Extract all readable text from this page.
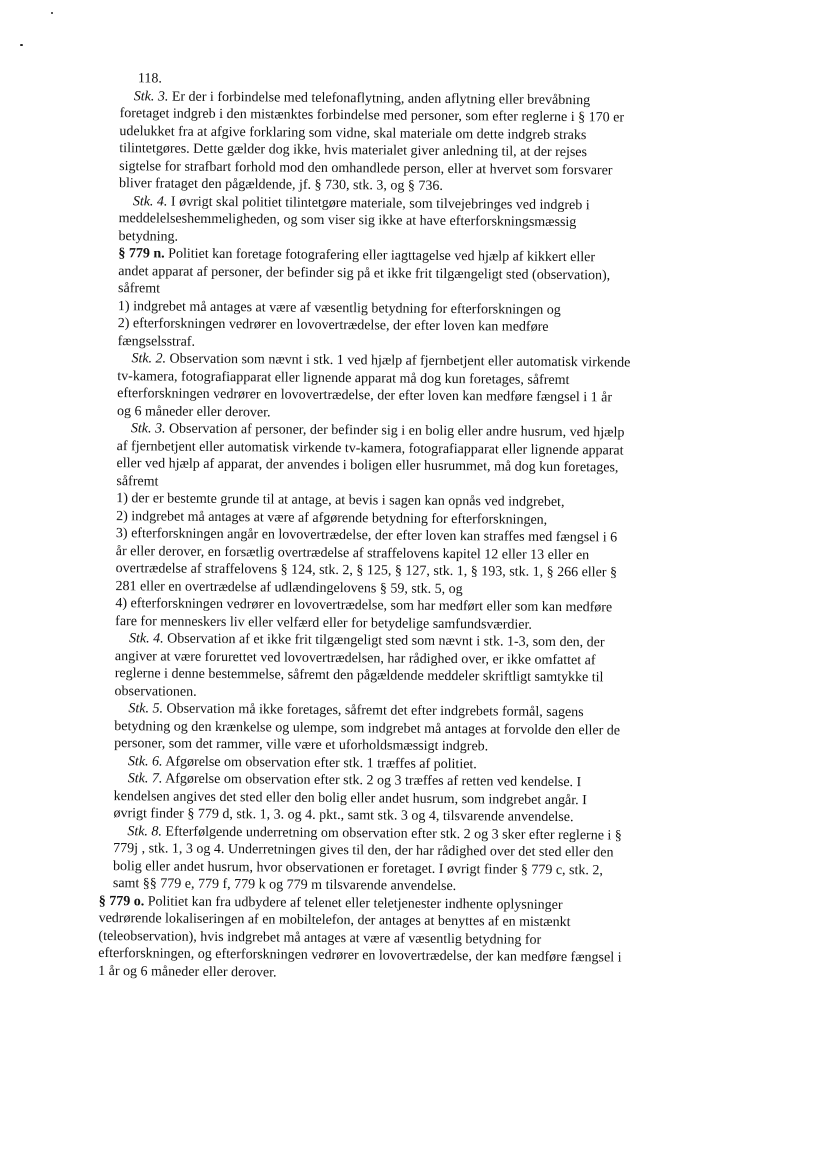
118.
Stk. 3. Er der i forbindelse med telefonaflytning, anden aflytning eller brevåbning
foretaget indgreb i den mistænktes forbindelse med personer, som efter reglerne i § 170 er
udelukket fra at afgive forklaring som vidne, skal materiale om dette indgreb straks
tilintetgøres. Dette gælder dog ikke, hvis materialet giver anledning til, at der rejses
sigtelse for strafbart forhold mod den omhandlede person, eller at hvervet som forsvarer
bliver frataget den pågældende, jf. § 730, stk. 3, og § 736.
Stk. 4. I øvrigt skal politiet tilintetgøre materiale, som tilvejebringes ved indgreb i
meddelelseshemmeligheden, og som viser sig ikke at have efterforskningsmæssig
betydning.
§ 779 n. Politiet kan foretage fotografering eller iagttagelse ved hjælp af kikkert eller
andet apparat af personer, der befinder sig på et ikke frit tilgængeligt sted (observation),
såfremt
1) indgrebet må antages at være af væsentlig betydning for efterforskningen og
2) efterforskningen vedrører en lovovertrædelse, der efter loven kan medføre
fængselsstraf.
Stk. 2. Observation som nævnt i stk. 1 ved hjælp af fjernbetjent eller automatisk virkende
tv-kamera, fotografiapparat eller lignende apparat må dog kun foretages, såfremt
efterforskningen vedrører en lovovertrædelse, der efter loven kan medføre fængsel i 1 år
og 6 måneder eller derover.
Stk. 3. Observation af personer, der befinder sig i en bolig eller andre husrum, ved hjælp
af fjernbetjent eller automatisk virkende tv-kamera, fotografiapparat eller lignende apparat
eller ved hjælp af apparat, der anvendes i boligen eller husrummet, må dog kun foretages,
såfremt
1) der er bestemte grunde til at antage, at bevis i sagen kan opnås ved indgrebet,
2) indgrebet må antages at være af afgørende betydning for efterforskningen,
3) efterforskningen angår en lovovertrædelse, der efter loven kan straffes med fængsel i 6
år eller derover, en forsætlig overtrædelse af straffelovens kapitel 12 eller 13 eller en
overtrædelse af straffelovens § 124, stk. 2, § 125, § 127, stk. 1, § 193, stk. 1, § 266 eller §
281 eller en overtrædelse af udlændingelovens § 59, stk. 5, og
4) efterforskningen vedrører en lovovertrædelse, som har medført eller som kan medføre
fare for menneskers liv eller velfærd eller for betydelige samfundsværdier.
Stk. 4. Observation af et ikke frit tilgængeligt sted som nævnt i stk. 1-3, som den, der
angiver at være forurettet ved lovovertrædelsen, har rådighed over, er ikke omfattet af
reglerne i denne bestemmelse, såfremt den pågældende meddeler skriftligt samtykke til
observationen.
Stk. 5. Observation må ikke foretages, såfremt det efter indgrebets formål, sagens
betydning og den krænkelse og ulempe, som indgrebet må antages at forvolde den eller de
personer, som det rammer, ville være et uforholdsmæssigt indgreb.
Stk. 6. Afgørelse om observation efter stk. 1 træffes af politiet.
Stk. 7. Afgørelse om observation efter stk. 2 og 3 træffes af retten ved kendelse. I
kendelsen angives det sted eller den bolig eller andet husrum, som indgrebet angår. I
øvrigt finder § 779 d, stk. 1, 3. og 4. pkt., samt stk. 3 og 4, tilsvarende anvendelse.
Stk. 8. Efterfølgende underretning om observation efter stk. 2 og 3 sker efter reglerne i §
779j , stk. 1, 3 og 4. Underretningen gives til den, der har rådighed over det sted eller den
bolig eller andet husrum, hvor observationen er foretaget. I øvrigt finder § 779 c, stk. 2,
samt §§ 779 e, 779 f, 779 k og 779 m tilsvarende anvendelse.
§ 779 o. Politiet kan fra udbydere af telenet eller teletjenester indhente oplysninger
vedrørende lokaliseringen af en mobiltelefon, der antages at benyttes af en mistænkt
(teleobservation), hvis indgrebet må antages at være af væsentlig betydning for
efterforskningen, og efterforskningen vedrører en lovovertrædelse, der kan medføre fængsel i
1 år og 6 måneder eller derover.
